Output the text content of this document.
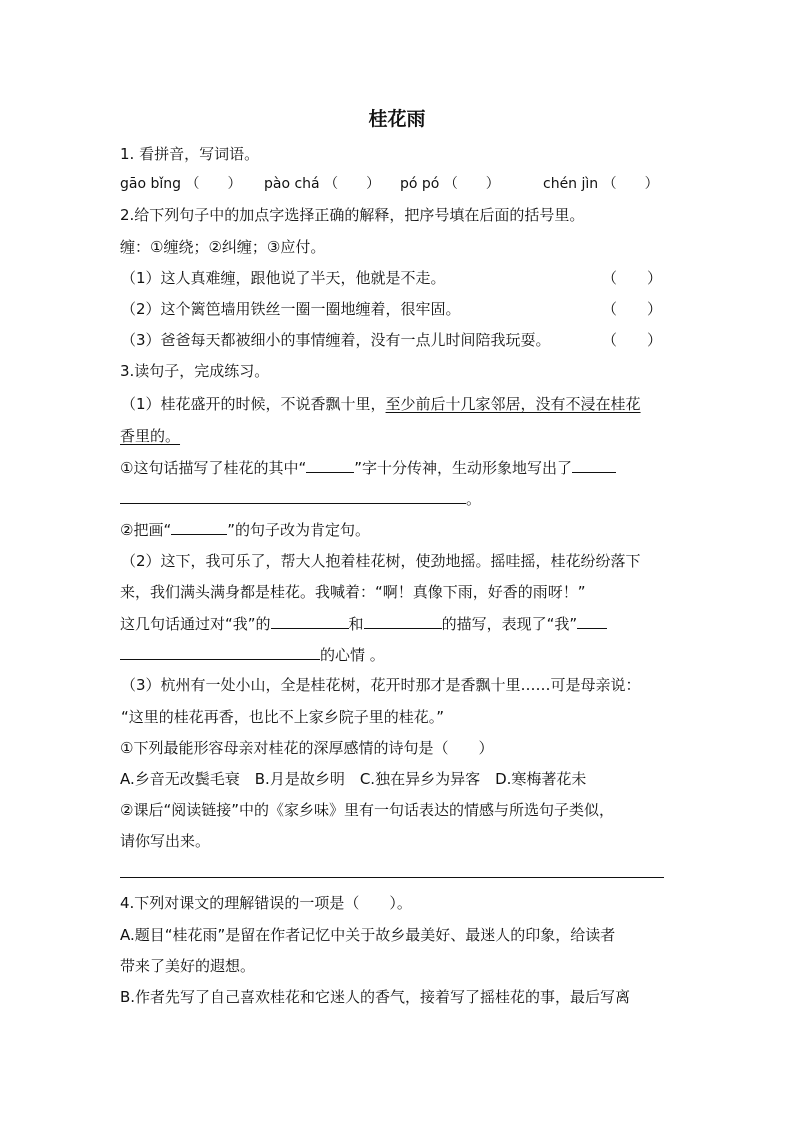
桂花雨
1. 看拼音，写词语。
gāo bǐng （　　） pào chá （　　） pó pó （　　）	chén jìn （　　）
2.给下列句子中的加点字选择正确的解释，把序号填在后面的括号里。
缠：①缠绕；②纠缠；③应付。
（1）这人真难缠，跟他说了半天，他就是不走。	（　　）
（2）这个篱笆墙用铁丝一圈一圈地缠着，很牢固。	（　　）
（3）爸爸每天都被细小的事情缠着，没有一点儿时间陪我玩耍。	（　　）
3.读句子，完成练习。
（1）桂花盛开的时候，不说香飘十里，至少前后十几家邻居，没有不浸在桂花
香里的。
①这句话描写了桂花的其中“	”字十分传神，生动形象地写出了
。
②把画“	”的句子改为肯定句。
（2）这下，我可乐了，帮大人抱着桂花树，使劲地摇。摇哇摇，桂花纷纷落下
来，我们满头满身都是桂花。我喊着：“啊！真像下雨，好香的雨呀！”
这几句话通过对“我”的	和	的描写，表现了“我”
的心情 。
（3）杭州有一处小山，全是桂花树，花开时那才是香飘十里……可是母亲说：
“这里的桂花再香，也比不上家乡院子里的桂花。”
①下列最能形容母亲对桂花的深厚感情的诗句是（　　）
A.乡音无改鬓毛衰　B.月是故乡明　C.独在异乡为异客　D.寒梅著花未
②课后“阅读链接”中的《家乡味》里有一句话表达的情感与所选句子类似，
请你写出来。
4.下列对课文的理解错误的一项是（　　）。
A.题目“桂花雨”是留在作者记忆中关于故乡最美好、最迷人的印象，给读者
带来了美好的遐想。
B.作者先写了自己喜欢桂花和它迷人的香气，接着写了摇桂花的事，最后写离
